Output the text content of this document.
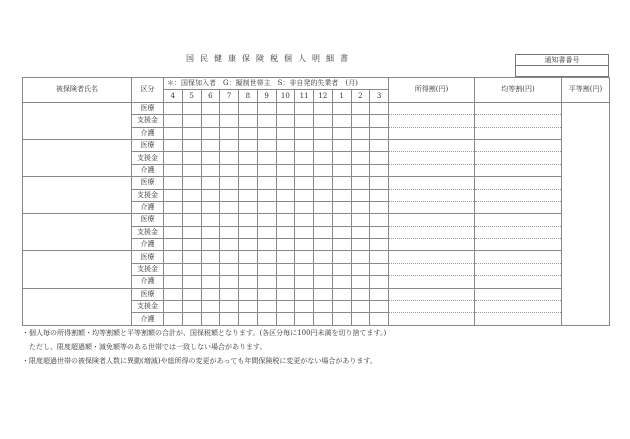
国民健康保険税個人明細書	通知書番号

被保険者氏名	区分	＊：国保加入者　G：擬制世帯主　S：非自発的失業者　(月)												所得割(円)	均等割(円)	平等割(円)
		4	5	6	7	8	9	10	11	12	1	2	3			
	医療															
	支援金															
	介護															
	医療															
	支援金															
	介護															
	医療															
	支援金															
	介護															
	医療															
	支援金															
	介護															
	医療															
	支援金															
	介護															
	医療															
	支援金															
	介護															
・個人毎の所得割額・均等割額と平等割額の合計が、国保税額となります。(各区分毎に100円未満を切り捨てます。)
　ただし、限度超過額・減免額等のある世帯では一致しない場合があります。
・限度超過世帯の被保険者人数に異動(増減)や総所得の変更があっても年間保険税に変更がない場合があります。
